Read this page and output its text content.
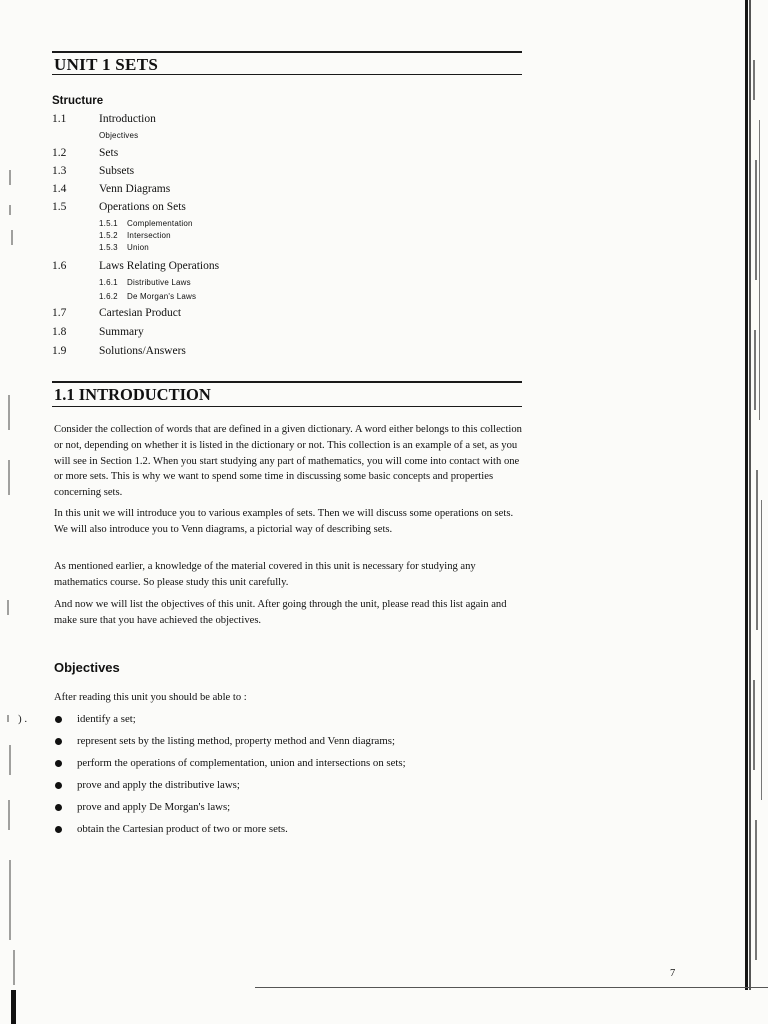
) .
UNIT 1 SETS
Structure
1.1	Introduction
Objectives
1.2	Sets
1.3	Subsets
1.4	Venn Diagrams
1.5	Operations on Sets
1.5.1 Complementation
1.5.2 Intersection
1.5.3 Union
1.6	Laws Relating Operations
1.6.1 Distributive Laws
1.6.2 De Morgan's Laws
1.7	Cartesian Product
1.8	Summary
1.9	Solutions/Answers
1.1 INTRODUCTION

Consider the collection of words that are defined in a given dictionary. A word either belongs to this collection or not, depending on whether it is listed in the dictionary or not. This collection is an example of a set, as you will see in Section 1.2. When you start studying any part of mathematics, you will come into contact with one or more sets. This is why we want to spend some time in discussing some basic concepts and properties concerning sets.

In this unit we will introduce you to various examples of sets. Then we will discuss some operations on sets. We will also introduce you to Venn diagrams, a pictorial way of describing sets.

As mentioned earlier, a knowledge of the material covered in this unit is necessary for studying any mathematics course. So please study this unit carefully.

And now we will list the objectives of this unit. After going through the unit, please read this list again and make sure that you have achieved the objectives.

Objectives
After reading this unit you should be able to :
identify a set;
represent sets by the listing method, property method and Venn diagrams;
perform the operations of complementation, union and intersections on sets;
prove and apply the distributive laws;
prove and apply De Morgan's laws;
obtain the Cartesian product of two or more sets.
7
